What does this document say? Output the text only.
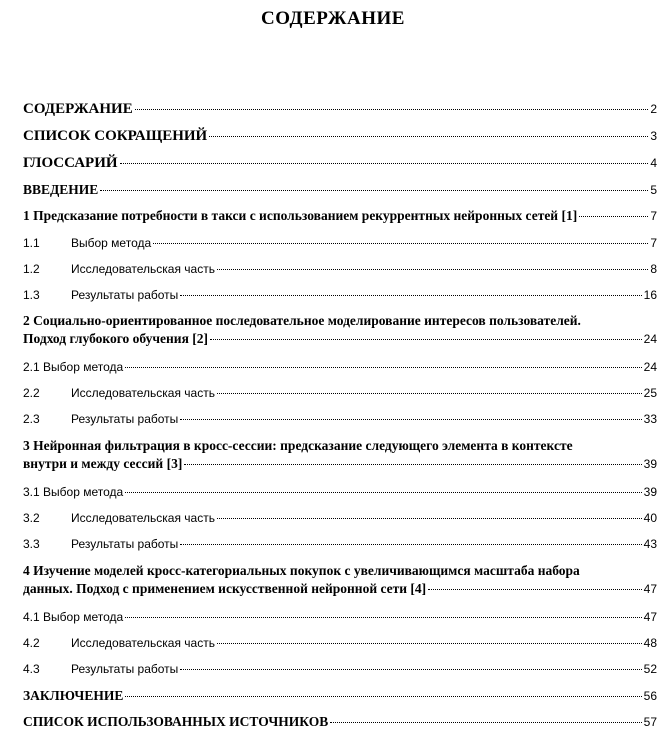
СОДЕРЖАНИЕ
СОДЕРЖАНИЕ	2
СПИСОК СОКРАЩЕНИЙ	3
ГЛОССАРИЙ	4
ВВЕДЕНИЕ	5
1 Предсказание потребности в такси с использованием рекуррентных нейронных сетей [1]	7
1.1	Выбор метода	7
1.2	Исследовательская часть	8
1.3	Результаты работы	16
2 Социально-ориентированное последовательное моделирование интересов пользователей.
Подход глубокого обучения [2]	24
2.1 Выбор метода	24
2.2	Исследовательская часть	25
2.3	Результаты работы	33
3 Нейронная фильтрация в кросс-сессии: предсказание следующего элемента в контексте
внутри и между сессий [3]	39
3.1 Выбор метода	39
3.2	Исследовательская часть	40
3.3	Результаты работы	43
4 Изучение моделей кросс-категориальных покупок с увеличивающимся масштаба набора
данных. Подход с применением искусственной нейронной сети [4]	47
4.1 Выбор метода	47
4.2	Исследовательская часть	48
4.3	Результаты работы	52
ЗАКЛЮЧЕНИЕ	56
СПИСОК ИСПОЛЬЗОВАННЫХ ИСТОЧНИКОВ	57
